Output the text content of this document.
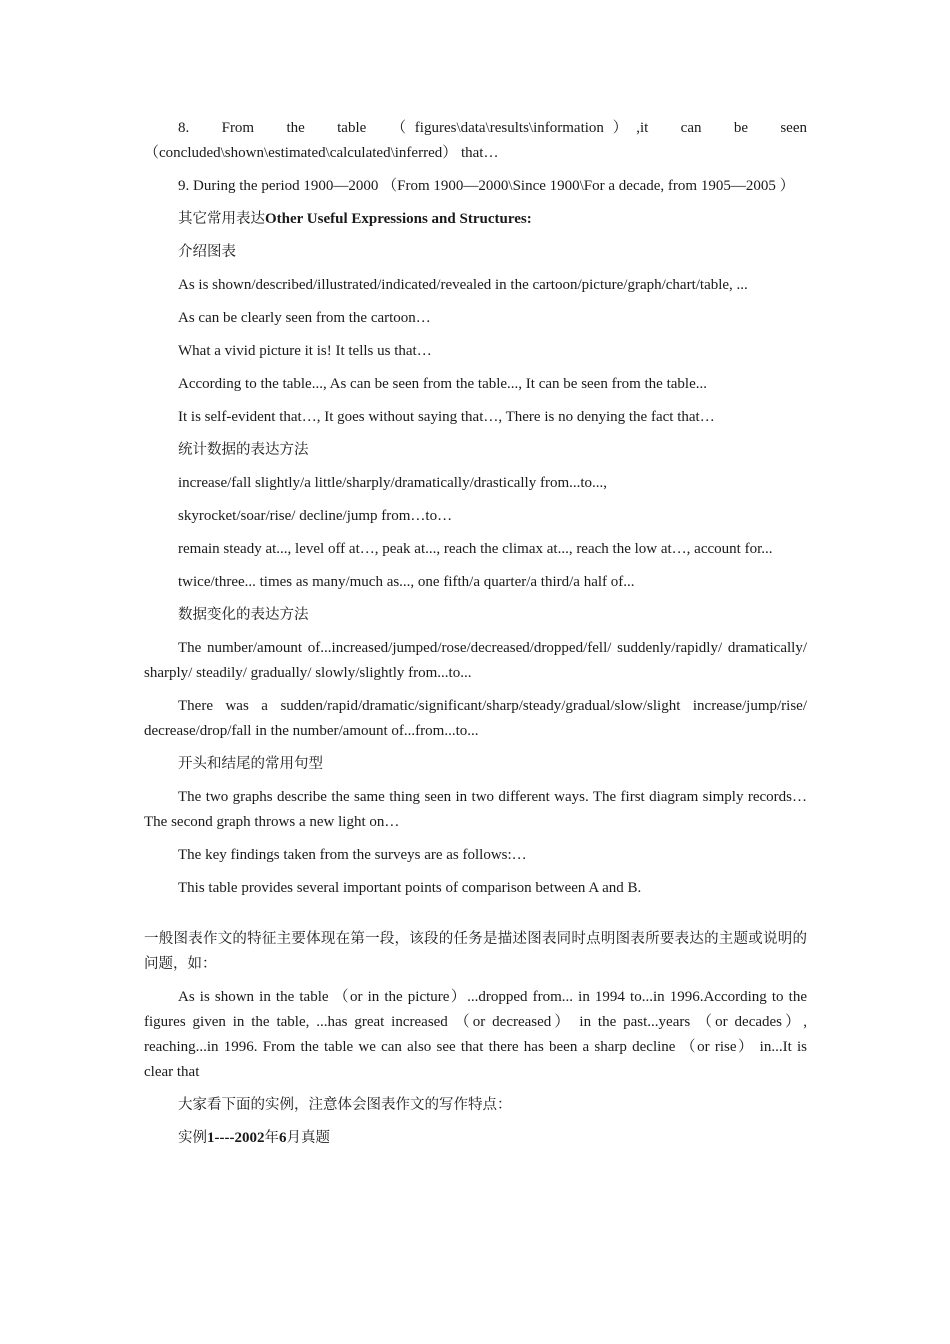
8.　From　the　table　（figures\data\results\information）,it　can　be　seen　（concluded\shown\estimated\calculated\inferred） that…

9. During the period 1900—2000 （From 1900—2000\Since 1900\For a decade, from 1905—2005 ）

其它常用表达Other Useful Expressions and Structures:

介绍图表

As is shown/described/illustrated/indicated/revealed in the cartoon/picture/graph/chart/table, ...

As can be clearly seen from the cartoon…

What a vivid picture it is! It tells us that…

According to the table..., As can be seen from the table..., It can be seen from the table...

It is self-evident that…, It goes without saying that…, There is no denying the fact that…

统计数据的表达方法

increase/fall slightly/a little/sharply/dramatically/drastically from...to...,

skyrocket/soar/rise/ decline/jump from…to…

remain steady at..., level off at…, peak at..., reach the climax at..., reach the low at…, account for...

twice/three... times as many/much as..., one fifth/a quarter/a third/a half of...

数据变化的表达方法

The number/amount of...increased/jumped/rose/decreased/dropped/fell/ suddenly/rapidly/ dramatically/ sharply/ steadily/ gradually/ slowly/slightly from...to...

There was a sudden/rapid/dramatic/significant/sharp/steady/gradual/slow/slight increase/jump/rise/ decrease/drop/fall in the number/amount of...from...to...

开头和结尾的常用句型

The two graphs describe the same thing seen in two different ways. The first diagram simply records…The second graph throws a new light on…

The key findings taken from the surveys are as follows:…

This table provides several important points of comparison between A and B.

一般图表作文的特征主要体现在第一段，该段的任务是描述图表同时点明图表所要表达的主题或说明的问题，如：

As is shown in the table （or in the picture）...dropped from... in 1994 to...in 1996.According to the figures given in the table, ...has great increased （or decreased） in the past...years （or decades）, reaching...in 1996. From the table we can also see that there has been a sharp decline （or rise） in...It is clear that

大家看下面的实例，注意体会图表作文的写作特点：

实例1----2002年6月真题
